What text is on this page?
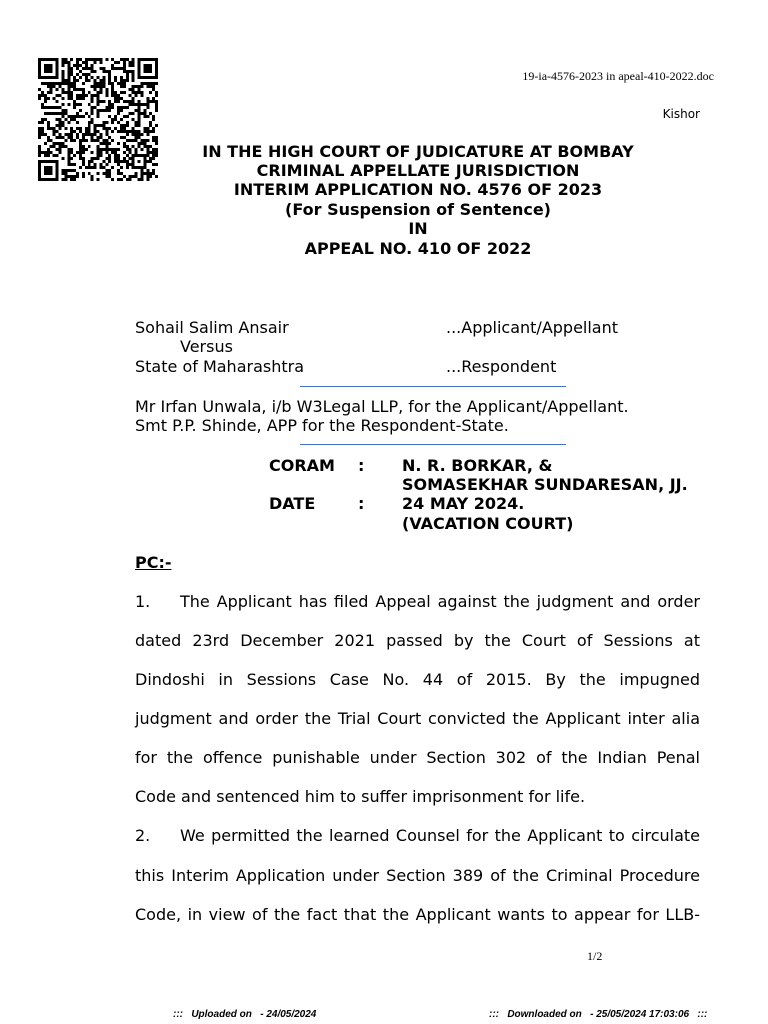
19-ia-4576-2023 in apeal-410-2022.doc
Kishor
IN THE HIGH COURT OF JUDICATURE AT BOMBAY
CRIMINAL APPELLATE JURISDICTION
INTERIM APPLICATION NO. 4576 OF 2023
(For Suspension of Sentence)
IN
APPEAL NO. 410 OF 2022
Sohail Salim Ansair	...Applicant/Appellant
Versus
State of Maharashtra	...Respondent
Mr Irfan Unwala, i/b W3Legal LLP, for the Applicant/Appellant.
Smt P.P. Shinde, APP for the Respondent-State.
CORAM : N. R. BORKAR, &
SOMASEKHAR SUNDARESAN, JJ.
DATE	: 24 MAY 2024.
(VACATION COURT)
PC:-
1.	The Applicant has filed Appeal against the judgment and order
dated 23rd December 2021 passed by the Court of Sessions at
Dindoshi in Sessions Case No. 44 of 2015. By the impugned
judgment and order the Trial Court convicted the Applicant inter alia
for the offence punishable under Section 302 of the Indian Penal
Code and sentenced him to suffer imprisonment for life.
2.	We permitted the learned Counsel for the Applicant to circulate
this Interim Application under Section 389 of the Criminal Procedure
Code, in view of the fact that the Applicant wants to appear for LLB-
1/2
:::   Uploaded on   - 24/05/2024	:::   Downloaded on   - 25/05/2024 17:03:06   :::
